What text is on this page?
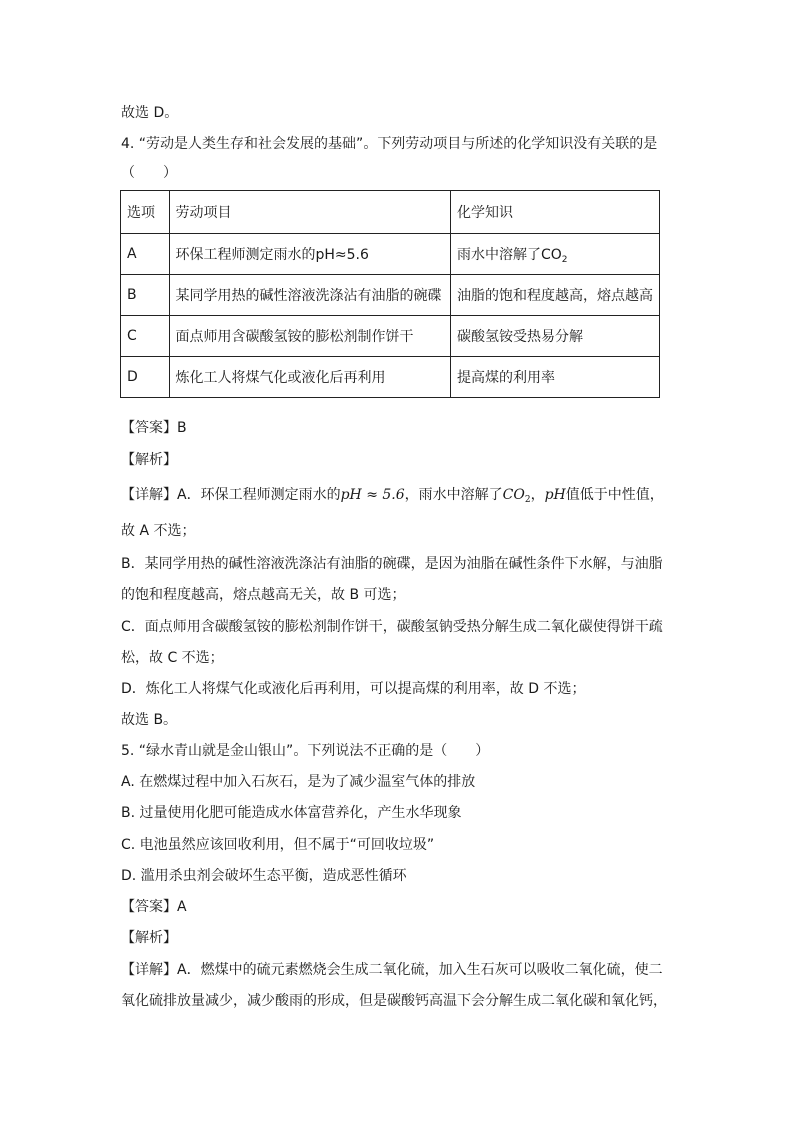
故选 D。
4. “劳动是人类生存和社会发展的基础”。下列劳动项目与所述的化学知识没有关联的是
（　　）
选项	劳动项目	化学知识
A	环保工程师测定雨水的pH≈5.6	雨水中溶解了$CO_2$
B	某同学用热的碱性溶液洗涤沾有油脂的碗碟	油脂的饱和程度越高，熔点越高
C	面点师用含碳酸氢铵的膨松剂制作饼干	碳酸氢铵受热易分解
D	炼化工人将煤气化或液化后再利用	提高煤的利用率
【答案】B
【解析】
【详解】A．环保工程师测定雨水的pH ≈ 5.6，雨水中溶解了$CO_2$，pH值低于中性值，
故 A 不选；
B．某同学用热的碱性溶液洗涤沾有油脂的碗碟，是因为油脂在碱性条件下水解，与油脂
的饱和程度越高，熔点越高无关，故 B 可选；
C．面点师用含碳酸氢铵的膨松剂制作饼干，碳酸氢钠受热分解生成二氧化碳使得饼干疏
松，故 C 不选；
D．炼化工人将煤气化或液化后再利用，可以提高煤的利用率，故 D 不选；
故选 B。
5. “绿水青山就是金山银山”。下列说法不正确的是（　　）
A. 在燃煤过程中加入石灰石，是为了减少温室气体的排放
B. 过量使用化肥可能造成水体富营养化，产生水华现象
C. 电池虽然应该回收利用，但不属于“可回收垃圾”
D. 滥用杀虫剂会破坏生态平衡，造成恶性循环
【答案】A
【解析】
【详解】A．燃煤中的硫元素燃烧会生成二氧化硫，加入生石灰可以吸收二氧化硫，使二
氧化硫排放量减少，减少酸雨的形成，但是碳酸钙高温下会分解生成二氧化碳和氧化钙，
